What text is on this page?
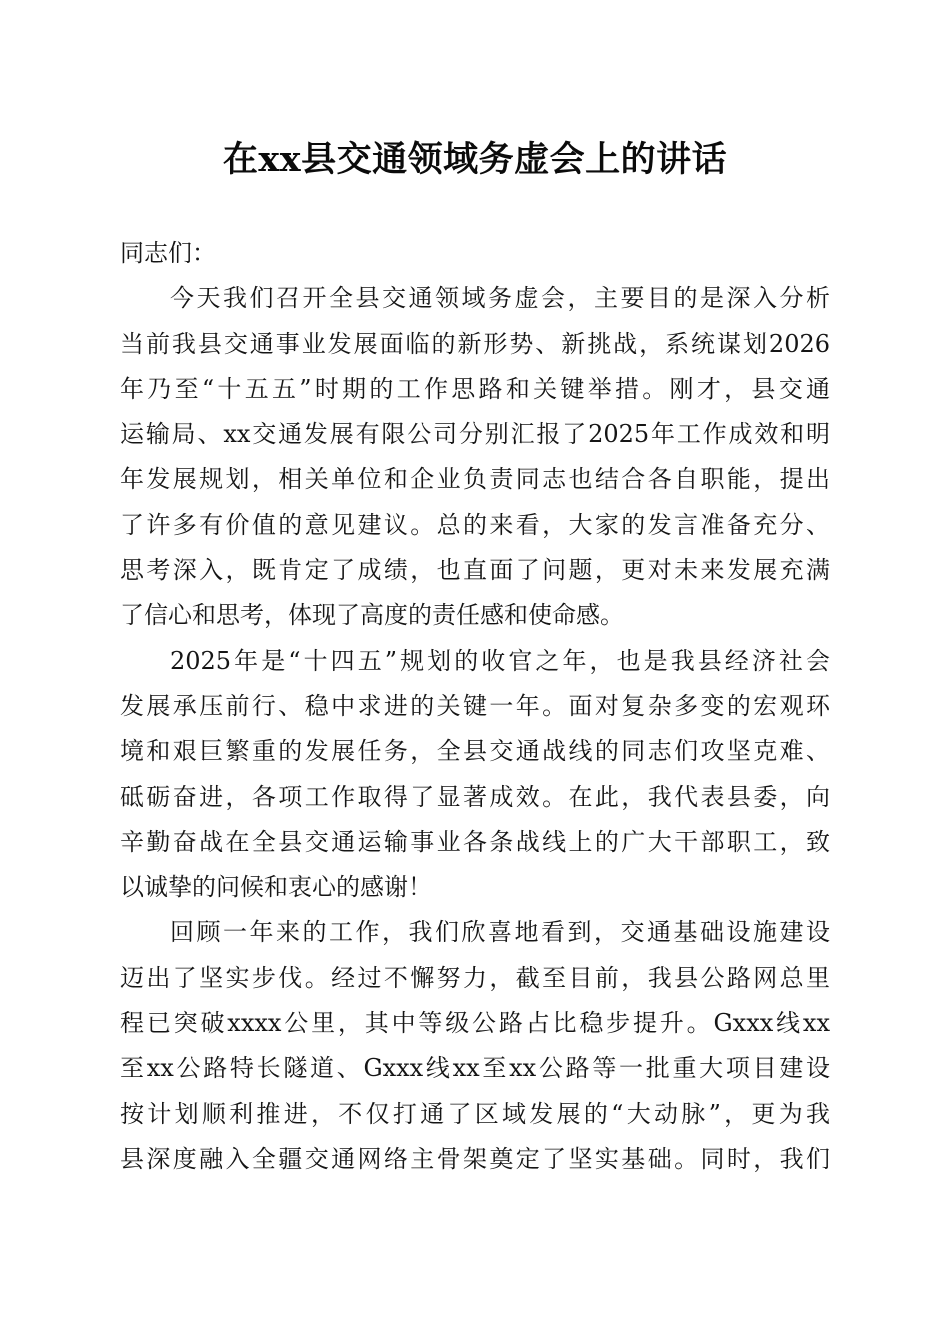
在xx县交通领域务虚会上的讲话
同志们：
今天我们召开全县交通领域务虚会，主要目的是深入分析
当前我县交通事业发展面临的新形势、新挑战，系统谋划2026
年乃至“十五五”时期的工作思路和关键举措。刚才，县交通
运输局、xx交通发展有限公司分别汇报了2025年工作成效和明
年发展规划，相关单位和企业负责同志也结合各自职能，提出
了许多有价值的意见建议。总的来看，大家的发言准备充分、
思考深入，既肯定了成绩，也直面了问题，更对未来发展充满
了信心和思考，体现了高度的责任感和使命感。
2025年是“十四五”规划的收官之年，也是我县经济社会
发展承压前行、稳中求进的关键一年。面对复杂多变的宏观环
境和艰巨繁重的发展任务，全县交通战线的同志们攻坚克难、
砥砺奋进，各项工作取得了显著成效。在此，我代表县委，向
辛勤奋战在全县交通运输事业各条战线上的广大干部职工，致
以诚挚的问候和衷心的感谢！
回顾一年来的工作，我们欣喜地看到，交通基础设施建设
迈出了坚实步伐。经过不懈努力，截至目前，我县公路网总里
程已突破xxxx公里，其中等级公路占比稳步提升。Gxxx线xx
至xx公路特长隧道、Gxxx线xx至xx公路等一批重大项目建设
按计划顺利推进，不仅打通了区域发展的“大动脉”，更为我
县深度融入全疆交通网络主骨架奠定了坚实基础。同时，我们
